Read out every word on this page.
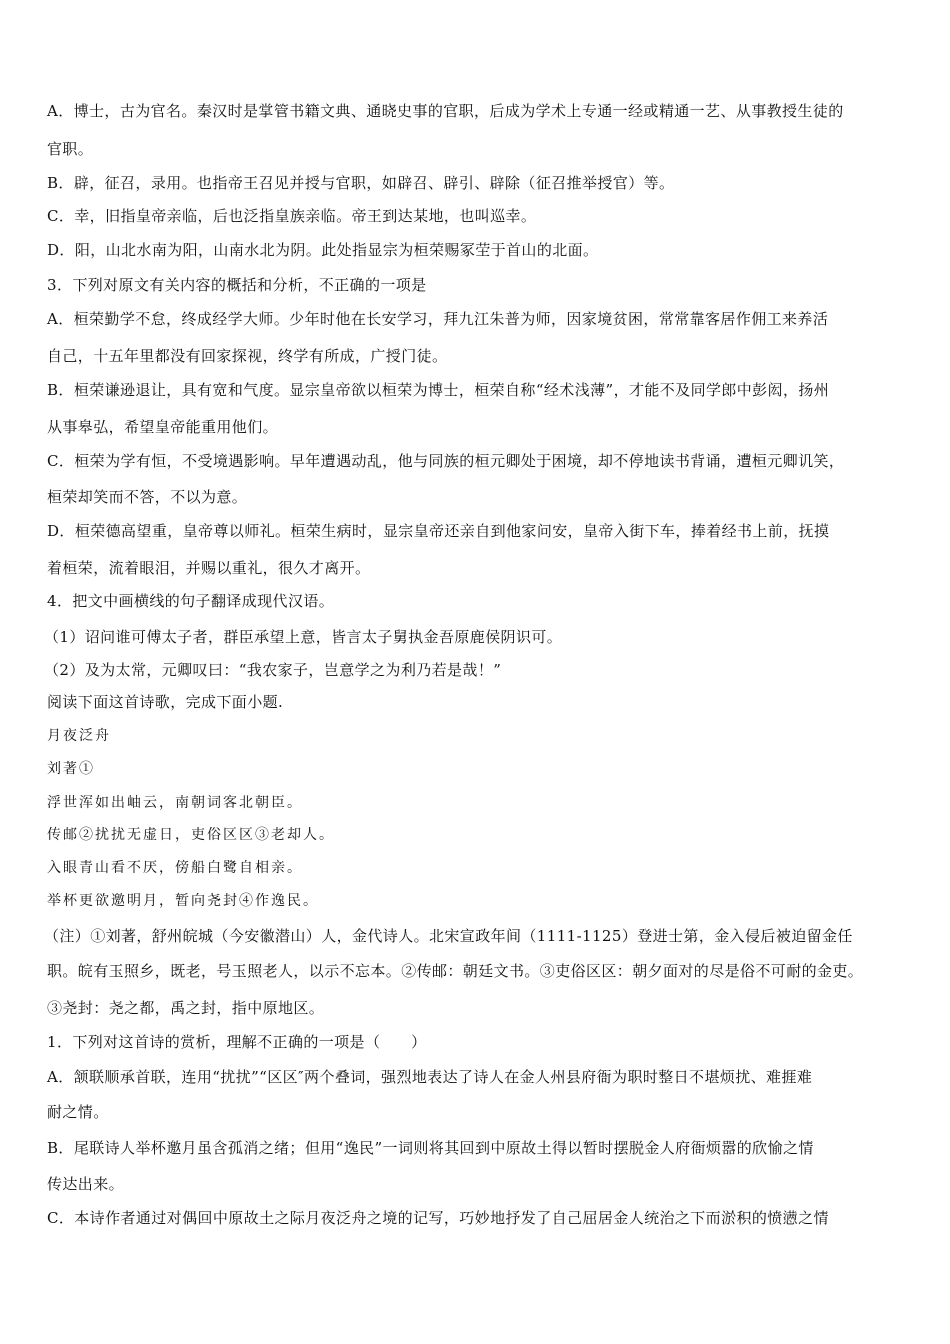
A．博士，古为官名。秦汉时是掌管书籍文典、通晓史事的官职，后成为学术上专通一经或精通一艺、从事教授生徒的
官职。
B．辟，征召，录用。也指帝王召见并授与官职，如辟召、辟引、辟除（征召推举授官）等。
C．幸，旧指皇帝亲临，后也泛指皇族亲临。帝王到达某地，也叫巡幸。
D．阳，山北水南为阳，山南水北为阴。此处指显宗为桓荣赐冢茔于首山的北面。
3．下列对原文有关内容的概括和分析，不正确的一项是
A．桓荣勤学不怠，终成经学大师。少年时他在长安学习，拜九江朱普为师，因家境贫困，常常靠客居作佣工来养活
自己，十五年里都没有回家探视，终学有所成，广授门徒。
B．桓荣谦逊退让，具有宽和气度。显宗皇帝欲以桓荣为博士，桓荣自称“经术浅薄”，才能不及同学郎中彭闳，扬州
从事皋弘，希望皇帝能重用他们。
C．桓荣为学有恒，不受境遇影响。早年遭遇动乱，他与同族的桓元卿处于困境，却不停地读书背诵，遭桓元卿讥笑，
桓荣却笑而不答，不以为意。
D．桓荣德高望重，皇帝尊以师礼。桓荣生病时，显宗皇帝还亲自到他家问安，皇帝入街下车，捧着经书上前，抚摸
着桓荣，流着眼泪，并赐以重礼，很久才离开。
4．把文中画横线的句子翻译成现代汉语。
（1）诏问谁可傅太子者，群臣承望上意，皆言太子舅执金吾原鹿侯阴识可。
（2）及为太常，元卿叹曰：“我农家子，岂意学之为利乃若是哉！”
阅读下面这首诗歌，完成下面小题.
月夜泛舟
刘著①
浮世浑如出岫云，南朝词客北朝臣。
传邮②扰扰无虚日，吏俗区区③老却人。
入眼青山看不厌，傍船白鹭自相亲。
举杯更欲邀明月，暂向尧封④作逸民。
（注）①刘著，舒州皖城（今安徽潜山）人，金代诗人。北宋宣政年间（1111-1125）登进士第，金入侵后被迫留金任
职。皖有玉照乡，既老，号玉照老人，以示不忘本。②传邮：朝廷文书。③吏俗区区：朝夕面对的尽是俗不可耐的金吏。
③尧封：尧之都，禹之封，指中原地区。
1．下列对这首诗的赏析，理解不正确的一项是（　　）
A．颔联顺承首联，连用“扰扰”“区区″两个叠词，强烈地表达了诗人在金人州县府衙为职时整日不堪烦扰、难捱难
耐之情。
B．尾联诗人举杯邀月虽含孤消之绪；但用“逸民”一词则将其回到中原故土得以暂时摆脱金人府衙烦嚣的欣愉之情
传达出来。
C．本诗作者通过对偶回中原故土之际月夜泛舟之境的记写，巧妙地抒发了自己屈居金人统治之下而淤积的愤懑之情
